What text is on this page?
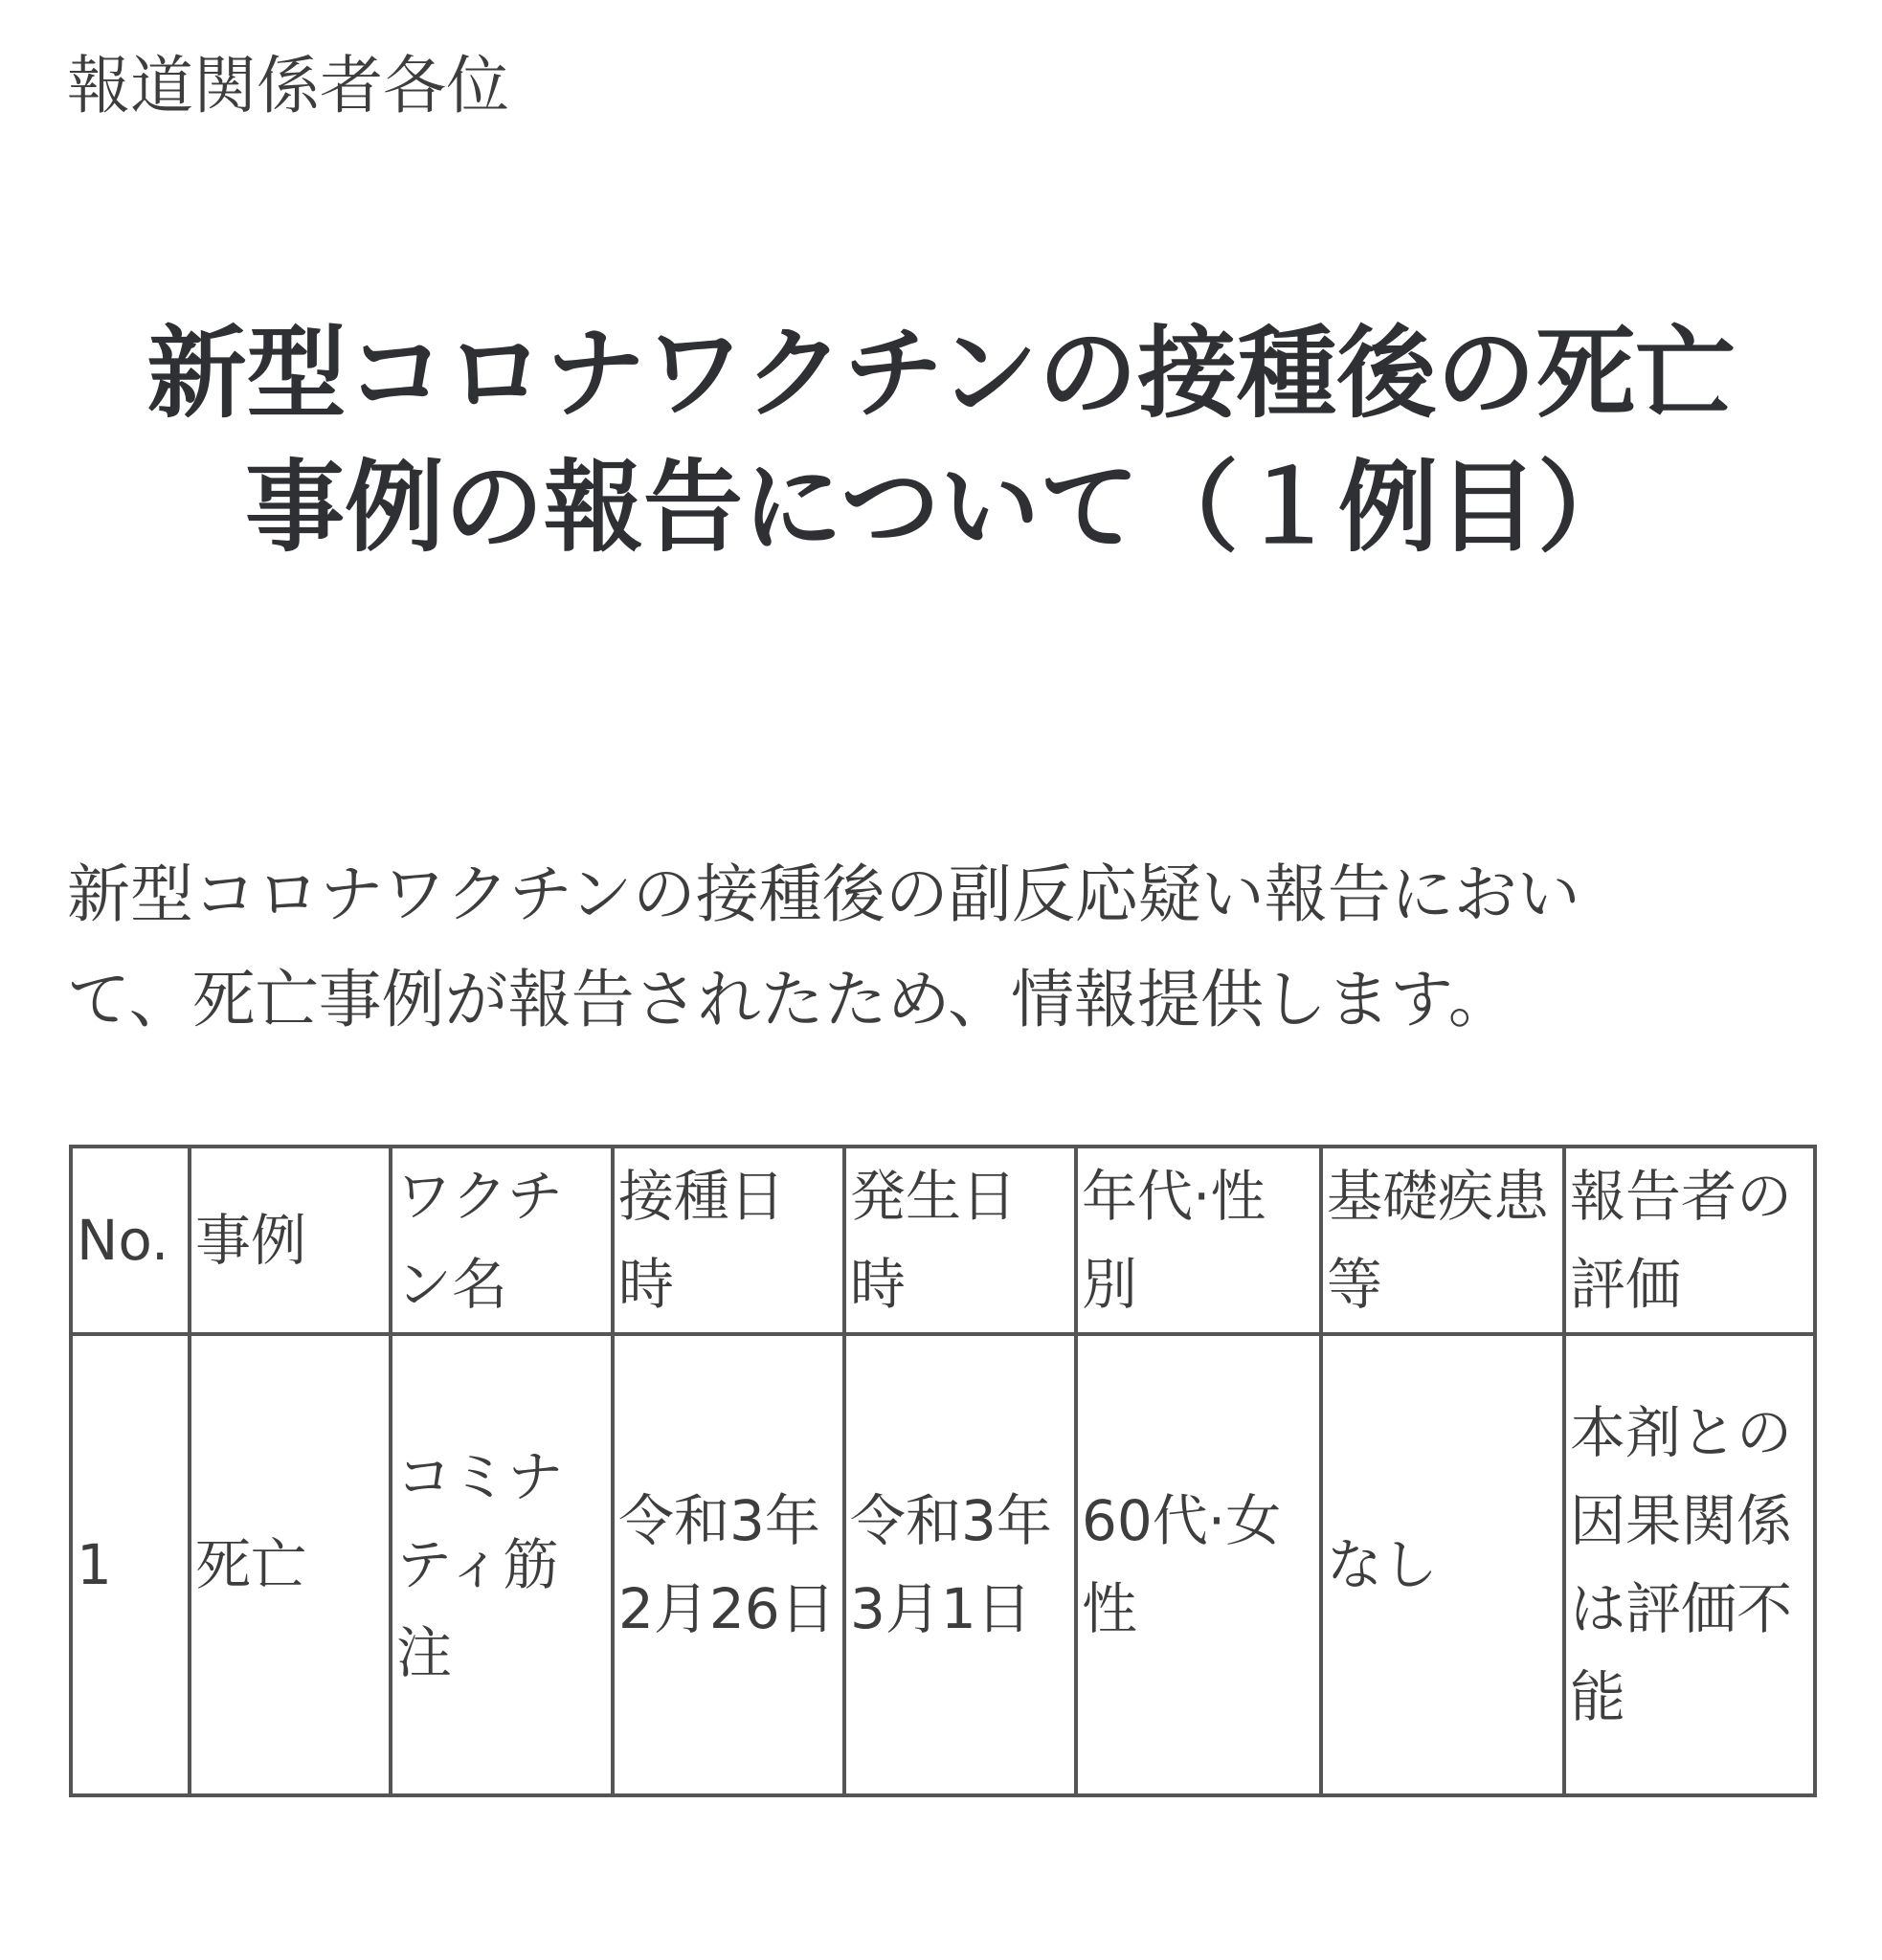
報道関係者各位
新型コロナワクチンの接種後の死亡
事例の報告について（１例目）
新型コロナワクチンの接種後の副反応疑い報告におい
て、死亡事例が報告されたため、情報提供します。
No.	事例	ワクチン名	接種日時	発生日時	年代·性別	基礎疾患等	報告者の評価
1	死亡	コミナティ筋注	令和3年2月26日	令和3年3月1日	60代·女性	なし	本剤との因果関係は評価不能
